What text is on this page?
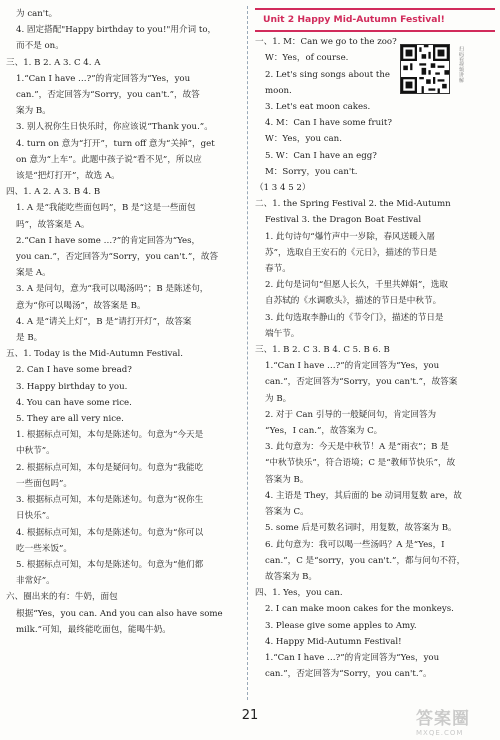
为 can't。
4. 固定搭配"Happy birthday to you!"用介词 to，
而不是 on。
三、1. B 2. A 3. C 4. A
1.“Can I have …?”的肯定回答为“Yes，you
can.”，否定回答为“Sorry，you can't.”，故答
案为 B。
3. 别人祝你生日快乐时，你应该说“Thank you.”。
4. turn on 意为“打开”，turn off 意为“关掉”，get
on 意为“上车”。此题中孩子说“看不见”，所以应
该是“把灯打开”，故选 A。
四、1. A 2. A 3. B 4. B
1. A 是“我能吃些面包吗”，B 是“这是一些面包
吗”，故答案是 A。
2.“Can I have some …?”的肯定回答为“Yes，
you can.”，否定回答为“Sorry，you can't.”，故答
案是 A。
3. A 是问句，意为“我可以喝汤吗”；B 是陈述句，
意为“你可以喝汤”，故答案是 B。
4. A 是“请关上灯”，B 是“请打开灯”，故答案
是 B。
五、1. Today is the Mid-Autumn Festival.
2. Can I have some bread?
3. Happy birthday to you.
4. You can have some rice.
5. They are all very nice.
1. 根据标点可知，本句是陈述句。句意为“今天是
中秋节”。
2. 根据标点可知，本句是疑问句。句意为“我能吃
一些面包吗”。
3. 根据标点可知，本句是陈述句。句意为“祝你生
日快乐”。
4. 根据标点可知，本句是陈述句。句意为“你可以
吃一些米饭”。
5. 根据标点可知，本句是陈述句。句意为“他们都
非常好”。
六、圈出来的有：牛奶，面包
根据“Yes，you can. And you can also have some
milk.”可知，最终能吃面包，能喝牛奶。
Unit 2 Happy Mid-Autumn Festival!
一、1. M：Can we go to the zoo?
W：Yes，of course.
2. Let's sing songs about the
moon.
3. Let's eat moon cakes.
4. M：Can I have some fruit?
W：Yes，you can.
5. W：Can I have an egg?
M：Sorry，you can't.
（1 3 4 5 2）
二、1. the Spring Festival 2. the Mid-Autumn
Festival 3. the Dragon Boat Festival
1. 此句诗句“爆竹声中一岁除，春风送暖入屠
苏”，选取自王安石的《元日》，描述的节日是
春节。
2. 此句是词句“但愿人长久，千里共婵娟”，选取
自苏轼的《水调歌头》，描述的节日是中秋节。
3. 此句选取李静山的《节令门》，描述的节日是
端午节。
三、1. B 2. C 3. B 4. C 5. B 6. B
1.“Can I have …?”的肯定回答为“Yes，you
can.”，否定回答为“Sorry，you can't.”，故答案
为 B。
2. 对于 Can 引导的一般疑问句，肯定回答为
“Yes，I can.”，故答案为 C。
3. 此句意为：今天是中秋节！A 是“雨衣”；B 是
“中秋节快乐”，符合语境；C 是“教师节快乐”，故
答案为 B。
4. 主语是 They，其后面的 be 动词用复数 are，故
答案为 C。
5. some 后是可数名词时，用复数，故答案为 B。
6. 此句意为：我可以喝一些汤吗？A 是“Yes，I
can.”，C 是“sorry，you can't.”，都与问句不符，
故答案为 B。
四、1. Yes，you can.
2. I can make moon cakes for the monkeys.
3. Please give some apples to Amy.
4. Happy Mid-Autumn Festival!
1.“Can I have …?”的肯定回答为“Yes，you
can.”，否定回答为“Sorry，you can't.”。
扫码看视频讲解
21	答案圈
MXQE.COM
